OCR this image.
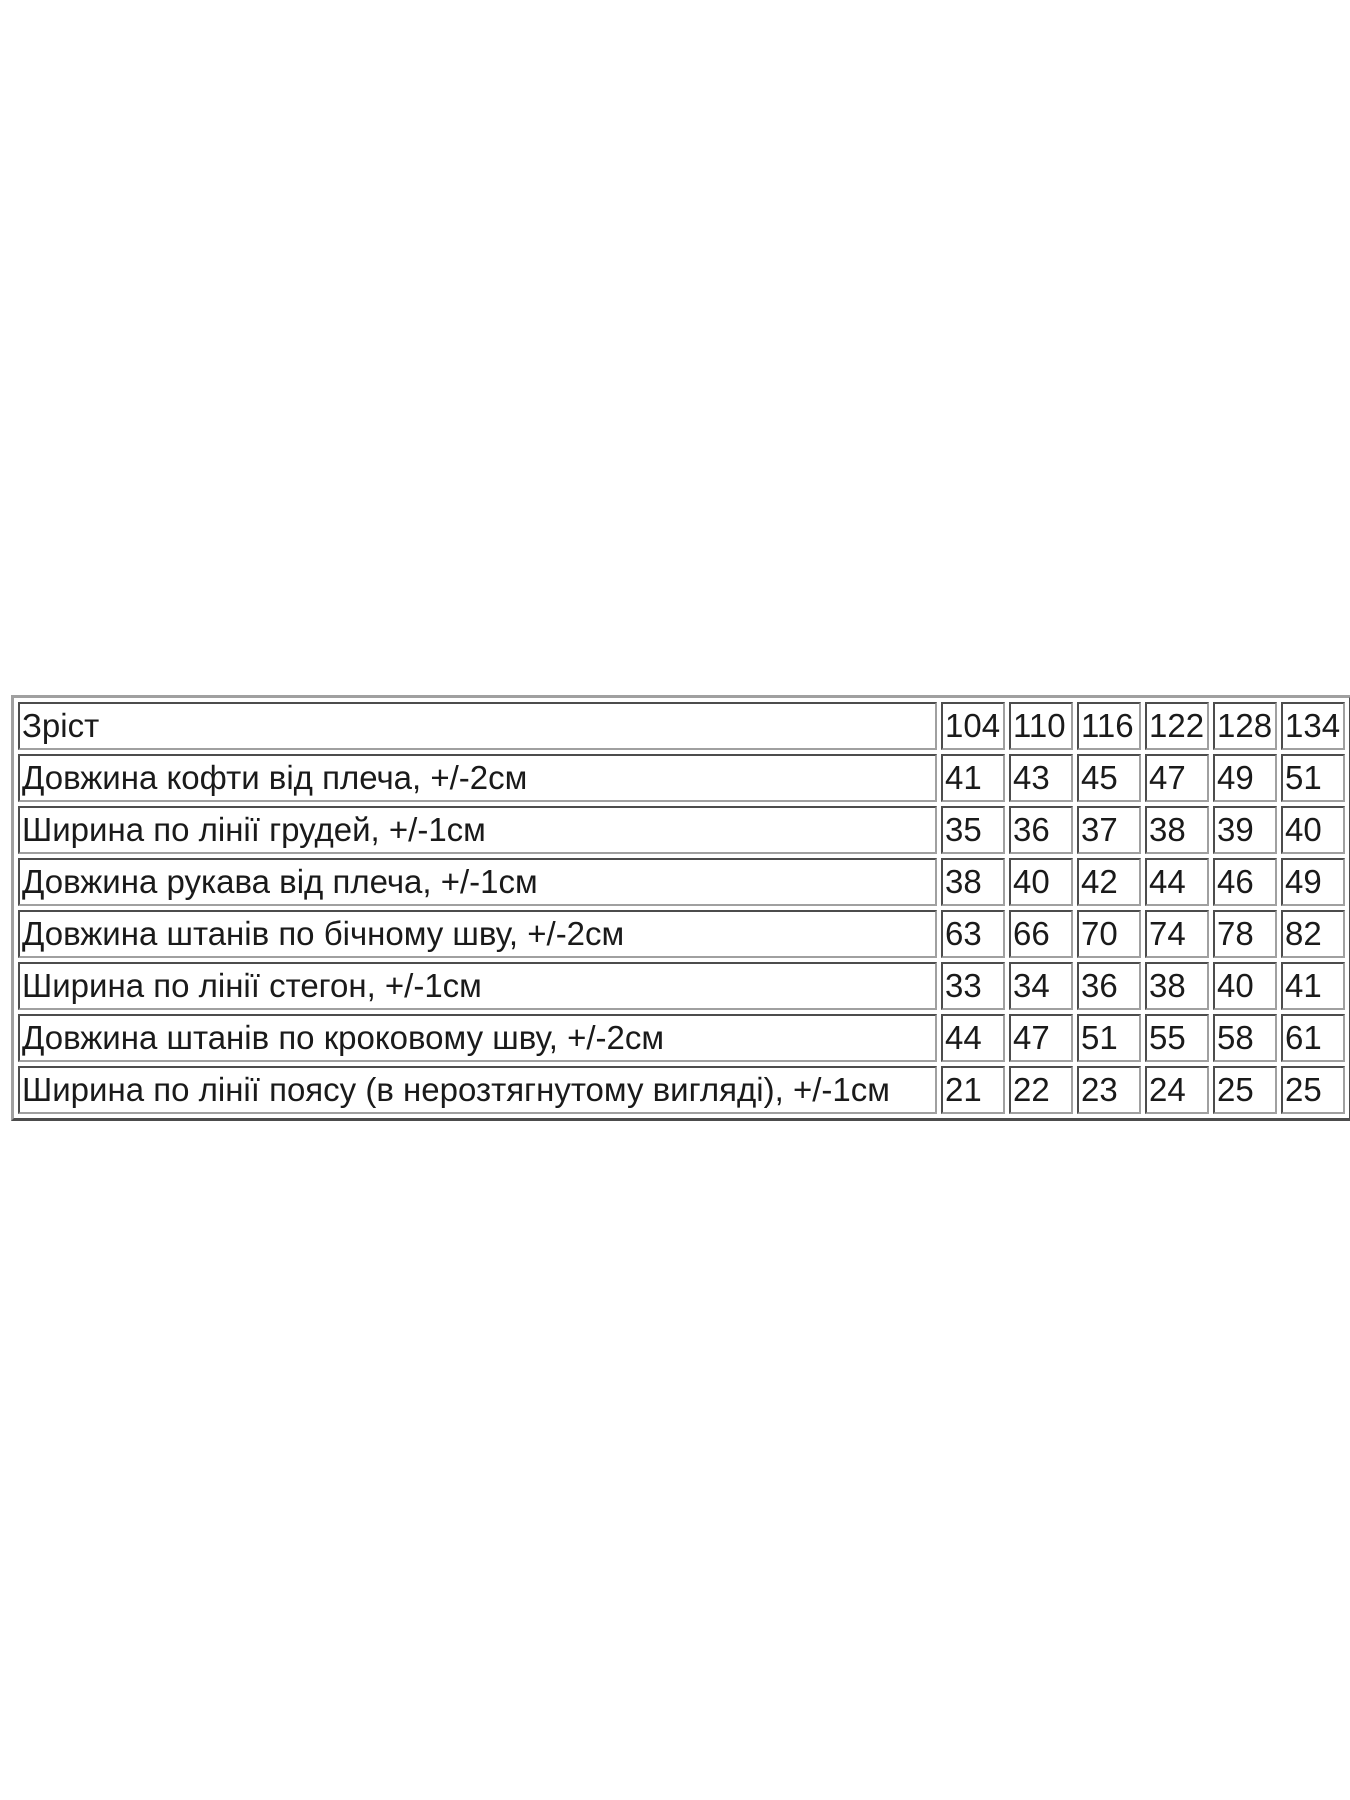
Зріст	104	110	116	122	128	134
Довжина кофти від плеча, +/-2см	41	43	45	47	49	51
Ширина по лінії грудей, +/-1см	35	36	37	38	39	40
Довжина рукава від плеча, +/-1см	38	40	42	44	46	49
Довжина штанів по бічному шву, +/-2см	63	66	70	74	78	82
Ширина по лінії стегон, +/-1см	33	34	36	38	40	41
Довжина штанів по кроковому шву, +/-2см	44	47	51	55	58	61
Ширина по лінії поясу (в нерозтягнутому вигляді), +/-1см	21	22	23	24	25	25
